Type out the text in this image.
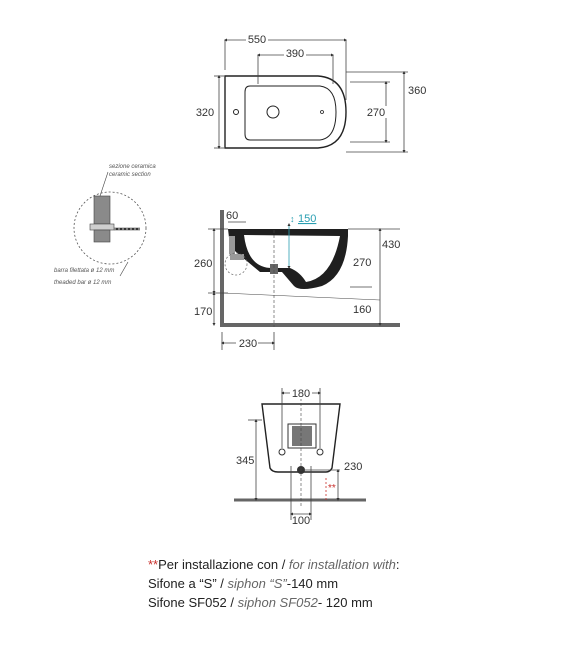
550
390
320	270
360
sezione ceramica
ceramic section
barra filettata ø 12 mm
theaded bar ø 12 mm
60	150
↕
430
260	270
170	160
230
180
345	230
**
100
**Per installazione con / for installation with:
Sifone a “S” / siphon “S”-140 mm
Sifone SF052 / siphon SF052- 120 mm
